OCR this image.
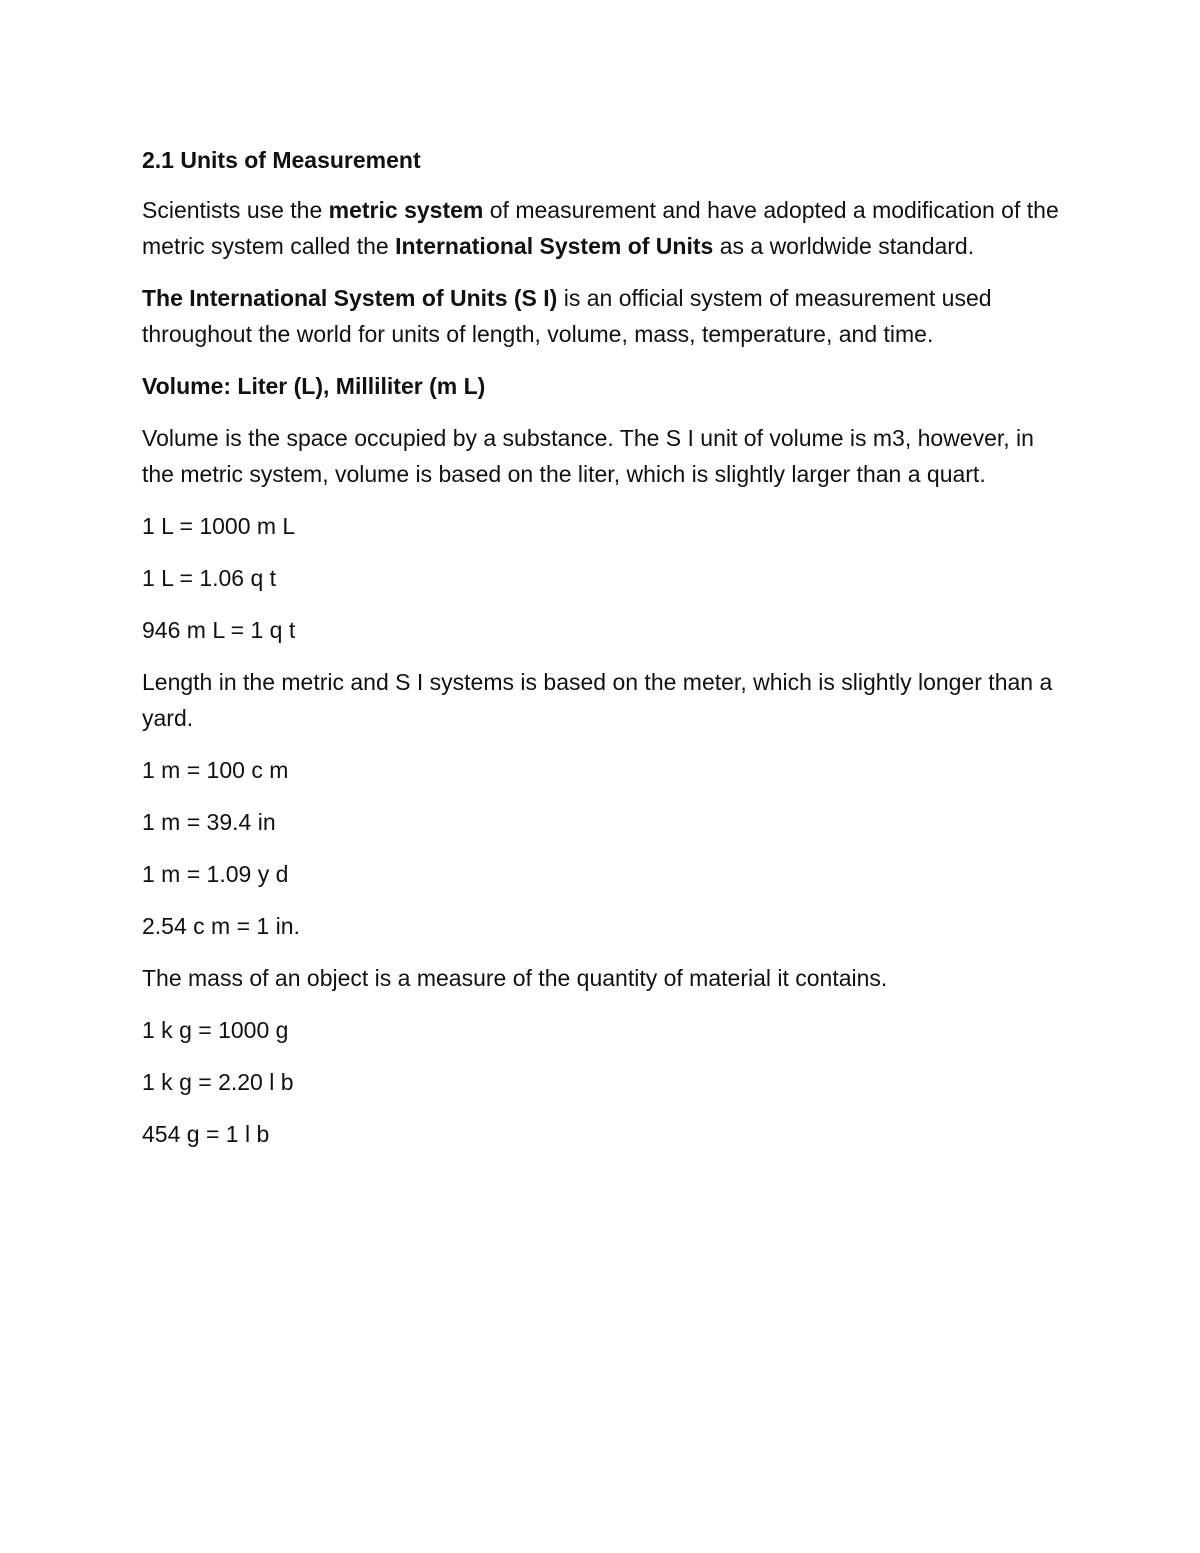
2.1 Units of Measurement
Scientists use the metric system of measurement and have adopted a modification of the metric system called the International System of Units as a worldwide standard.
The International System of Units (S I) is an official system of measurement used throughout the world for units of length, volume, mass, temperature, and time.
Volume: Liter (L), Milliliter (m L)
Volume is the space occupied by a substance. The S I unit of volume is m3, however, in the metric system, volume is based on the liter, which is slightly larger than a quart.
1 L = 1000 m L
1 L = 1.06 q t
946 m L = 1 q t
Length in the metric and S I systems is based on the meter, which is slightly longer than a yard.
1 m = 100 c m
1 m = 39.4 in
1 m = 1.09 y d
2.54 c m = 1 in.
The mass of an object is a measure of the quantity of material it contains.
1 k g = 1000 g
1 k g = 2.20 l b
454 g = 1 l b
